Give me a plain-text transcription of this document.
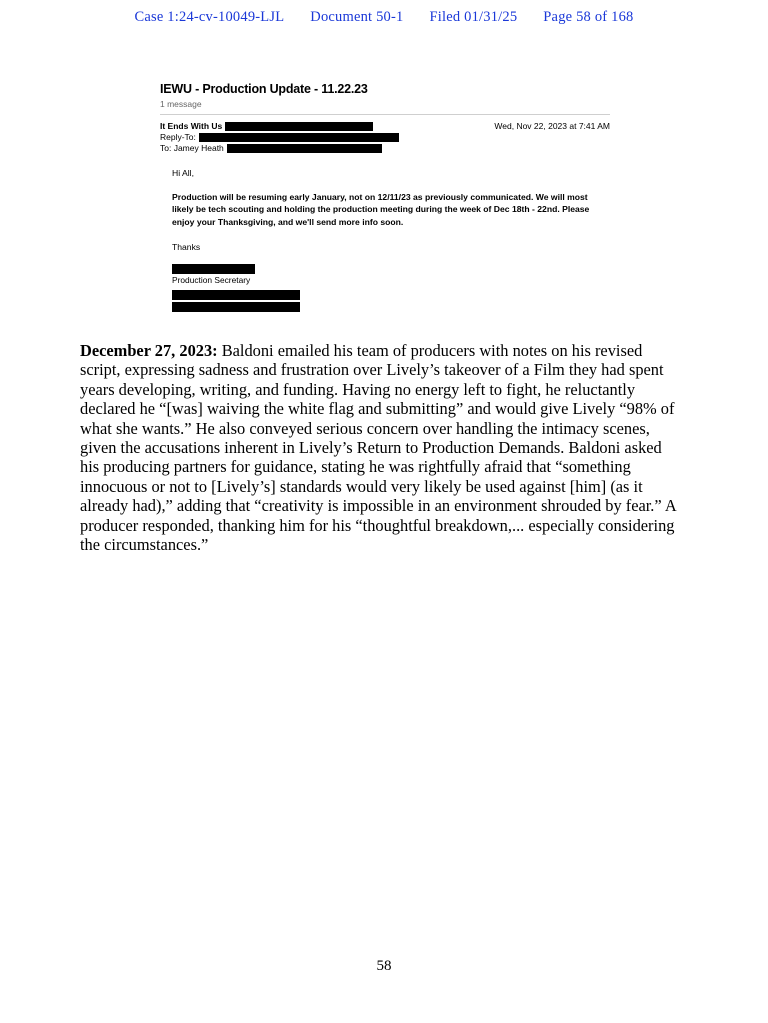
Case 1:24-cv-10049-LJL Document 50-1 Filed 01/31/25 Page 58 of 168
IEWU - Production Update - 11.22.23
1 message
It Ends With Us	Wed, Nov 22, 2023 at 7:41 AM
Reply-To:
To: Jamey Heath

Hi All,

Production will be resuming early January, not on 12/11/23 as previously communicated. We will most likely be tech scouting and holding the production meeting during the week of Dec 18th - 22nd. Please enjoy your Thanksgiving, and we'll send more info soon.

Thanks

Production Secretary

December 27, 2023: Baldoni emailed his team of producers with notes on his revised script, expressing sadness and frustration over Lively’s takeover of a Film they had spent years developing, writing, and funding. Having no energy left to fight, he reluctantly declared he “[was] waiving the white flag and submitting” and would give Lively “98% of what she wants.” He also conveyed serious concern over handling the intimacy scenes, given the accusations inherent in Lively’s Return to Production Demands. Baldoni asked his producing partners for guidance, stating he was rightfully afraid that “something innocuous or not to [Lively’s] standards would very likely be used against [him] (as it already had),” adding that “creativity is impossible in an environment shrouded by fear.” A producer responded, thanking him for his “thoughtful breakdown,... especially considering the circumstances.”
58
